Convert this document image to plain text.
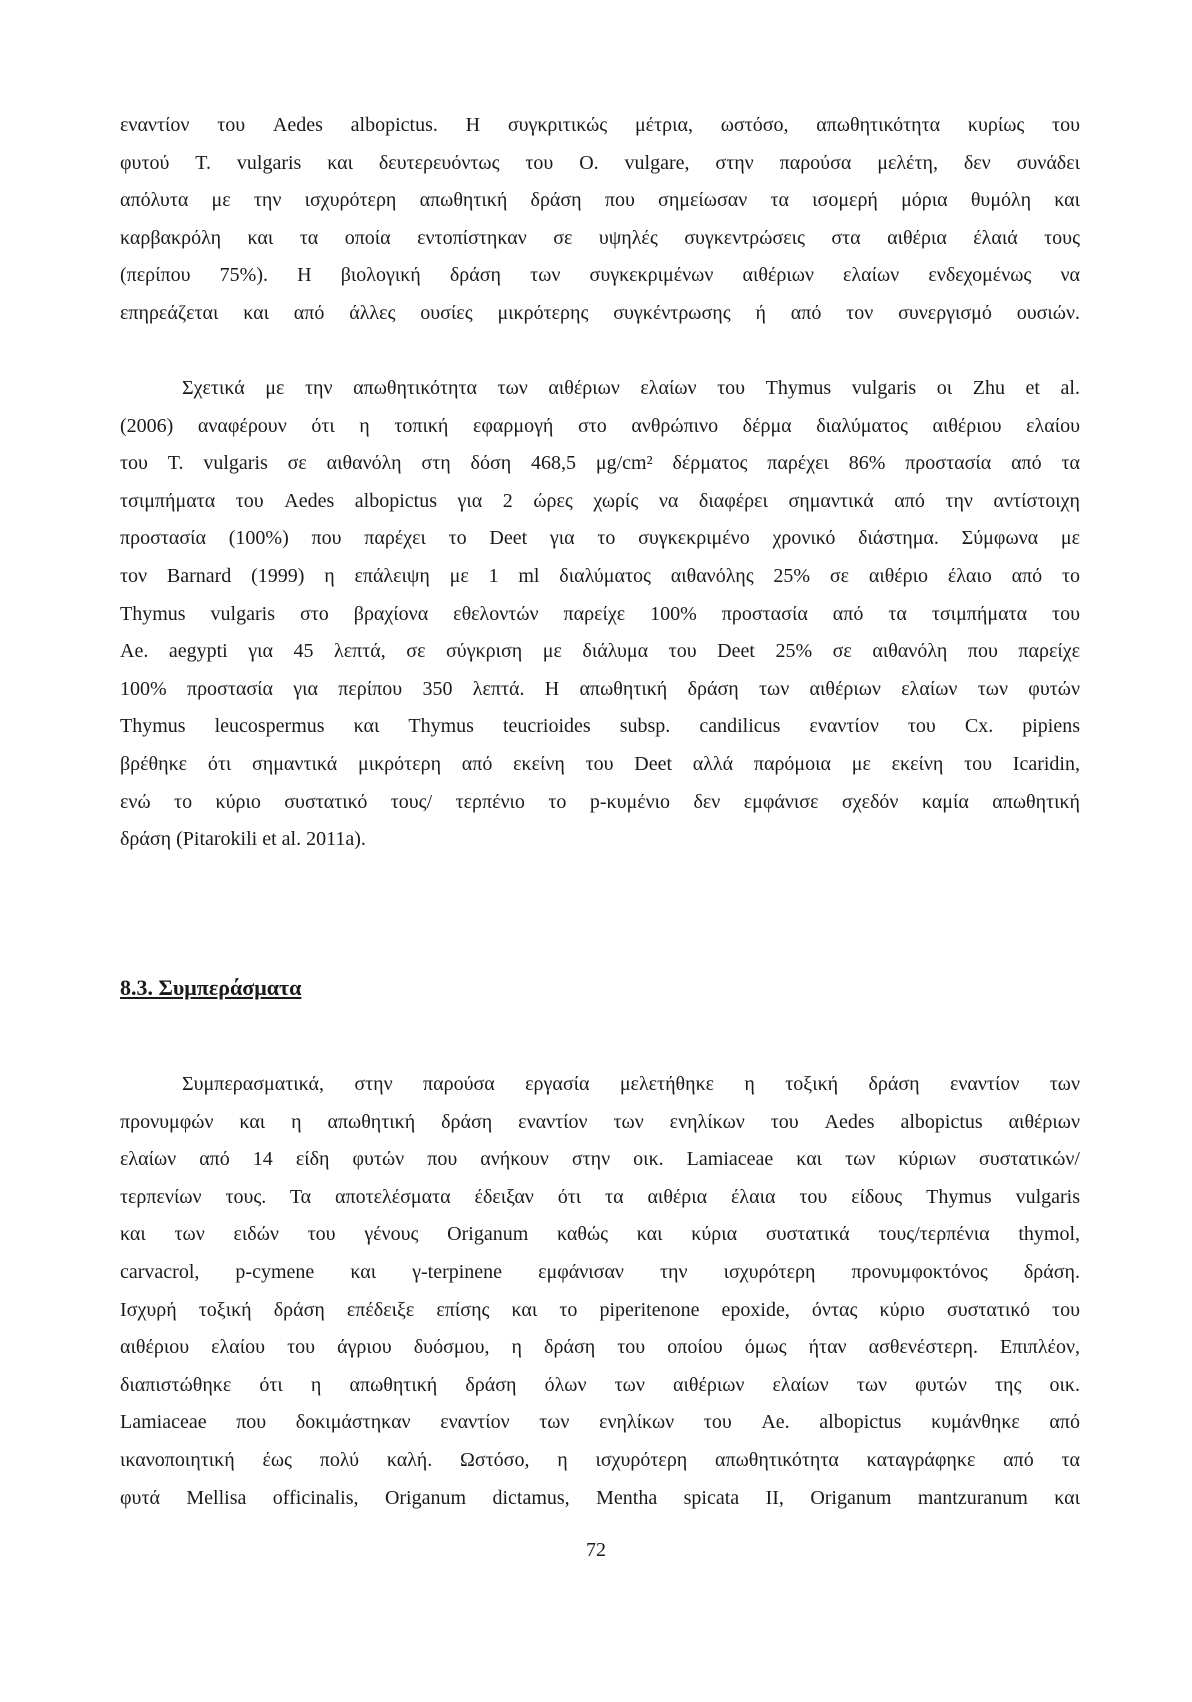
εναντίον του Aedes albopictus. Η συγκριτικώς μέτρια, ωστόσο, απωθητικότητα κυρίως του
φυτού T. vulgaris και δευτερευόντως του O. vulgare, στην παρούσα μελέτη, δεν συνάδει
απόλυτα με την ισχυρότερη απωθητική δράση που σημείωσαν τα ισομερή μόρια θυμόλη και
καρβακρόλη και τα οποία εντοπίστηκαν σε υψηλές συγκεντρώσεις στα αιθέρια έλαιά τους
(περίπου 75%). Η βιολογική δράση των συγκεκριμένων αιθέριων ελαίων ενδεχομένως να
επηρεάζεται και από άλλες ουσίες μικρότερης συγκέντρωσης ή από τον συνεργισμό ουσιών.
Σχετικά με την απωθητικότητα των αιθέριων ελαίων του Thymus vulgaris οι Zhu et al.
(2006) αναφέρουν ότι η τοπική εφαρμογή στο ανθρώπινο δέρμα διαλύματος αιθέριου ελαίου
του T. vulgaris σε αιθανόλη στη δόση 468,5 μg/cm² δέρματος παρέχει 86% προστασία από τα
τσιμπήματα του Aedes albopictus για 2 ώρες χωρίς να διαφέρει σημαντικά από την αντίστοιχη
προστασία (100%) που παρέχει το Deet για το συγκεκριμένο χρονικό διάστημα. Σύμφωνα με
τον Barnard (1999) η επάλειψη με 1 ml διαλύματος αιθανόλης 25% σε αιθέριο έλαιο από το
Thymus vulgaris στο βραχίονα εθελοντών παρείχε 100% προστασία από τα τσιμπήματα του
Ae. aegypti για 45 λεπτά, σε σύγκριση με διάλυμα του Deet 25% σε αιθανόλη που παρείχε
100% προστασία για περίπου 350 λεπτά. Η απωθητική δράση των αιθέριων ελαίων των φυτών
Thymus leucospermus και Thymus teucrioides subsp. candilicus εναντίον του Cx. pipiens
βρέθηκε ότι σημαντικά μικρότερη από εκείνη του Deet αλλά παρόμοια με εκείνη του Icaridin,
ενώ το κύριο συστατικό τους/ τερπένιο το p-κυμένιο δεν εμφάνισε σχεδόν καμία απωθητική
δράση (Pitarokili et al. 2011a).
8.3. Συμπεράσματα
Συμπερασματικά, στην παρούσα εργασία μελετήθηκε η τοξική δράση εναντίον των
προνυμφών και η απωθητική δράση εναντίον των ενηλίκων του Aedes albopictus αιθέριων
ελαίων από 14 είδη φυτών που ανήκουν στην οικ. Lamiaceae και των κύριων συστατικών/
τερπενίων τους. Τα αποτελέσματα έδειξαν ότι τα αιθέρια έλαια του είδους Thymus vulgaris
και των ειδών του γένους Origanum καθώς και κύρια συστατικά τους/τερπένια thymol,
carvacrol, p-cymene και γ-terpinene εμφάνισαν την ισχυρότερη προνυμφοκτόνος δράση.
Ισχυρή τοξική δράση επέδειξε επίσης και το piperitenone epoxide, όντας κύριο συστατικό του
αιθέριου ελαίου του άγριου δυόσμου, η δράση του οποίου όμως ήταν ασθενέστερη. Επιπλέον,
διαπιστώθηκε ότι η απωθητική δράση όλων των αιθέριων ελαίων των φυτών της οικ.
Lamiaceae που δοκιμάστηκαν εναντίον των ενηλίκων του Ae. albopictus κυμάνθηκε από
ικανοποιητική έως πολύ καλή. Ωστόσο, η ισχυρότερη απωθητικότητα καταγράφηκε από τα
φυτά Mellisa officinalis, Origanum dictamus, Mentha spicata II, Origanum mantzuranum και
72
